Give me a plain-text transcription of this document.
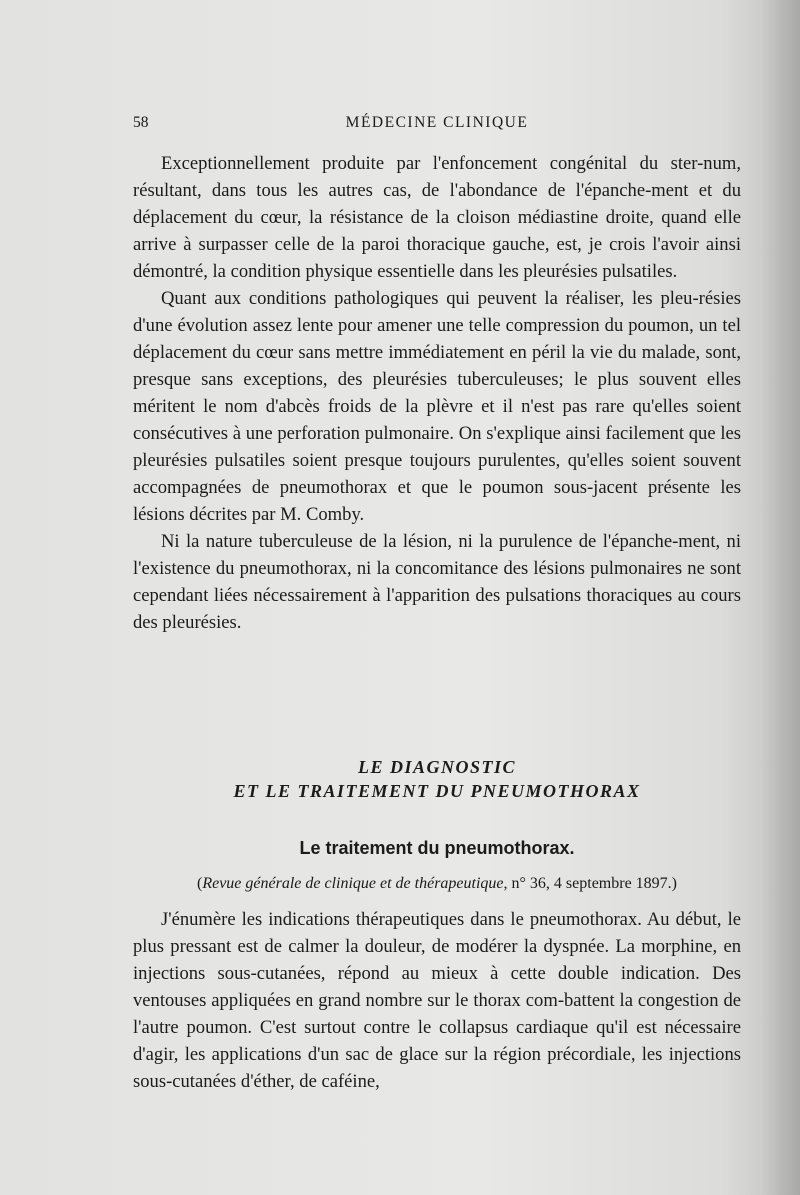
58	MÉDECINE CLINIQUE

Exceptionnellement produite par l'enfoncement congénital du ster-num, résultant, dans tous les autres cas, de l'abondance de l'épanche-ment et du déplacement du cœur, la résistance de la cloison médiastine droite, quand elle arrive à surpasser celle de la paroi thoracique gauche, est, je crois l'avoir ainsi démontré, la condition physique essentielle dans les pleurésies pulsatiles.

Quant aux conditions pathologiques qui peuvent la réaliser, les pleu-résies d'une évolution assez lente pour amener une telle compression du poumon, un tel déplacement du cœur sans mettre immédiatement en péril la vie du malade, sont, presque sans exceptions, des pleurésies tuberculeuses; le plus souvent elles méritent le nom d'abcès froids de la plèvre et il n'est pas rare qu'elles soient consécutives à une perforation pulmonaire. On s'explique ainsi facilement que les pleurésies pulsatiles soient presque toujours purulentes, qu'elles soient souvent accompagnées de pneumothorax et que le poumon sous-jacent présente les lésions décrites par M. Comby.

Ni la nature tuberculeuse de la lésion, ni la purulence de l'épanche-ment, ni l'existence du pneumothorax, ni la concomitance des lésions pulmonaires ne sont cependant liées nécessairement à l'apparition des pulsations thoraciques au cours des pleurésies.

LE DIAGNOSTIC
ET LE TRAITEMENT DU PNEUMOTHORAX
Le traitement du pneumothorax.
(Revue générale de clinique et de thérapeutique, n° 36, 4 septembre 1897.)

J'énumère les indications thérapeutiques dans le pneumothorax. Au début, le plus pressant est de calmer la douleur, de modérer la dyspnée. La morphine, en injections sous-cutanées, répond au mieux à cette double indication. Des ventouses appliquées en grand nombre sur le thorax com-battent la congestion de l'autre poumon. C'est surtout contre le collapsus cardiaque qu'il est nécessaire d'agir, les applications d'un sac de glace sur la région précordiale, les injections sous-cutanées d'éther, de caféine,
